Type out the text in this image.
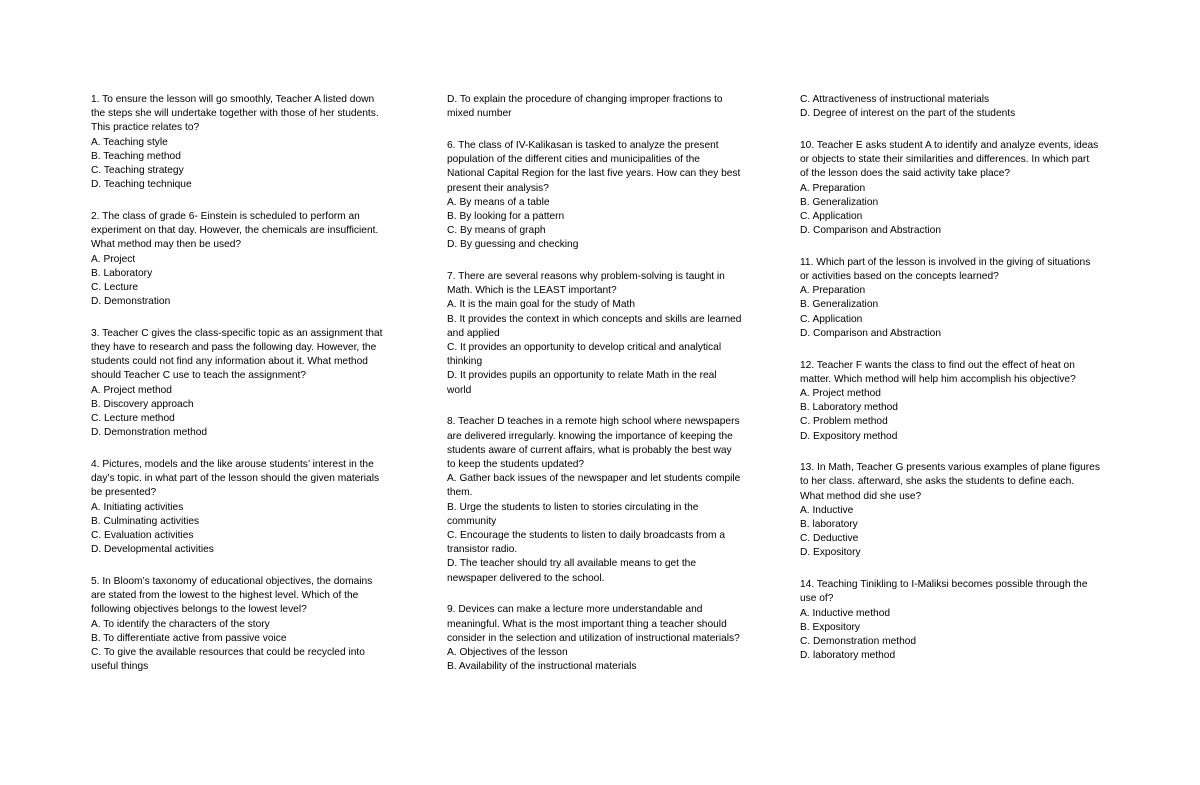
1. To ensure the lesson will go smoothly, Teacher A listed down
the steps she will undertake together with those of her students.
This practice relates to?
A. Teaching style
B. Teaching method
C. Teaching strategy
D. Teaching technique
2. The class of grade 6- Einstein is scheduled to perform an
experiment on that day. However, the chemicals are insufficient.
What method may then be used?
A. Project
B. Laboratory
C. Lecture
D. Demonstration
3. Teacher C gives the class-specific topic as an assignment that
they have to research and pass the following day. However, the
students could not find any information about it. What method
should Teacher C use to teach the assignment?
A. Project method
B. Discovery approach
C. Lecture method
D. Demonstration method
4. Pictures, models and the like arouse students’ interest in the
day’s topic. in what part of the lesson should the given materials
be presented?
A. Initiating activities
B. Culminating activities
C. Evaluation activities
D. Developmental activities
5. In Bloom’s taxonomy of educational objectives, the domains
are stated from the lowest to the highest level. Which of the
following objectives belongs to the lowest level?
A. To identify the characters of the story
B. To differentiate active from passive voice
C. To give the available resources that could be recycled into
useful things
D. To explain the procedure of changing improper fractions to
mixed number
6. The class of IV-Kalikasan is tasked to analyze the present
population of the different cities and municipalities of the
National Capital Region for the last five years. How can they best
present their analysis?
A. By means of a table
B. By looking for a pattern
C. By means of graph
D. By guessing and checking
7. There are several reasons why problem-solving is taught in
Math. Which is the LEAST important?
A. It is the main goal for the study of Math
B. It provides the context in which concepts and skills are learned
and applied
C. It provides an opportunity to develop critical and analytical
thinking
D. It provides pupils an opportunity to relate Math in the real
world
8. Teacher D teaches in a remote high school where newspapers
are delivered irregularly. knowing the importance of keeping the
students aware of current affairs, what is probably the best way
to keep the students updated?
A. Gather back issues of the newspaper and let students compile
them.
B. Urge the students to listen to stories circulating in the
community
C. Encourage the students to listen to daily broadcasts from a
transistor radio.
D. The teacher should try all available means to get the
newspaper delivered to the school.
9. Devices can make a lecture more understandable and
meaningful. What is the most important thing a teacher should
consider in the selection and utilization of instructional materials?
A. Objectives of the lesson
B. Availability of the instructional materials
C. Attractiveness of instructional materials
D. Degree of interest on the part of the students
10. Teacher E asks student A to identify and analyze events, ideas
or objects to state their similarities and differences. In which part
of the lesson does the said activity take place?
A. Preparation
B. Generalization
C. Application
D. Comparison and Abstraction
11. Which part of the lesson is involved in the giving of situations
or activities based on the concepts learned?
A. Preparation
B. Generalization
C. Application
D. Comparison and Abstraction
12. Teacher F wants the class to find out the effect of heat on
matter. Which method will help him accomplish his objective?
A. Project method
B. Laboratory method
C. Problem method
D. Expository method
13. In Math, Teacher G presents various examples of plane figures
to her class. afterward, she asks the students to define each.
What method did she use?
A. Inductive
B. laboratory
C. Deductive
D. Expository
14. Teaching Tinikling to I-Maliksi becomes possible through the
use of?
A. Inductive method
B. Expository
C. Demonstration method
D. laboratory method
